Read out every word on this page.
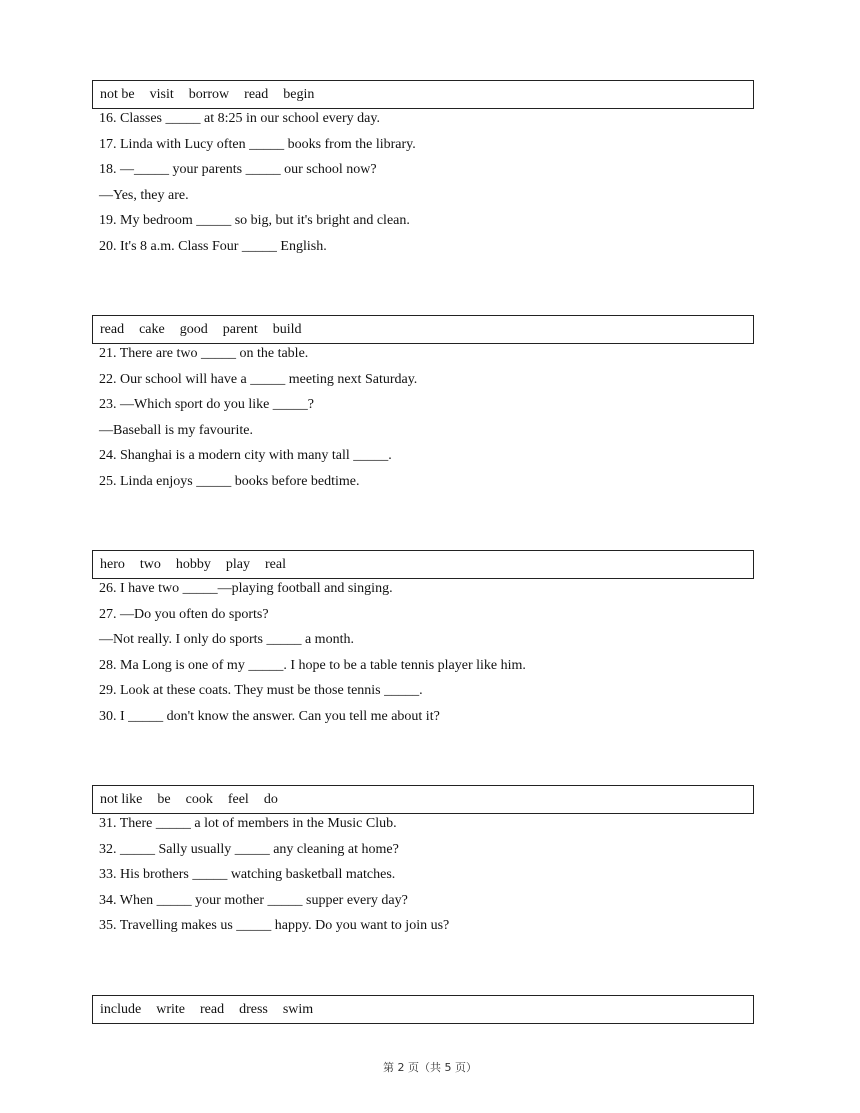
not be visit borrow read begin
16. Classes _____ at 8:25 in our school every day.
17. Linda with Lucy often _____ books from the library.
18. —_____ your parents _____ our school now?
—Yes, they are.
19. My bedroom _____ so big, but it's bright and clean.
20. It's 8 a.m. Class Four _____ English.
read cake good parent build
21. There are two _____ on the table.
22. Our school will have a _____ meeting next Saturday.
23. —Which sport do you like _____?
—Baseball is my favourite.
24. Shanghai is a modern city with many tall _____.
25. Linda enjoys _____ books before bedtime.
hero two hobby play real
26. I have two _____—playing football and singing.
27. —Do you often do sports?
—Not really. I only do sports _____ a month.
28. Ma Long is one of my _____. I hope to be a table tennis player like him.
29. Look at these coats. They must be those tennis _____.
30. I _____ don't know the answer. Can you tell me about it?
not like be cook feel do
31. There _____ a lot of members in the Music Club.
32. _____ Sally usually _____ any cleaning at home?
33. His brothers _____ watching basketball matches.
34. When _____ your mother _____ supper every day?
35. Travelling makes us _____ happy. Do you want to join us?
include write read dress swim
第 2 页（共 5 页）
